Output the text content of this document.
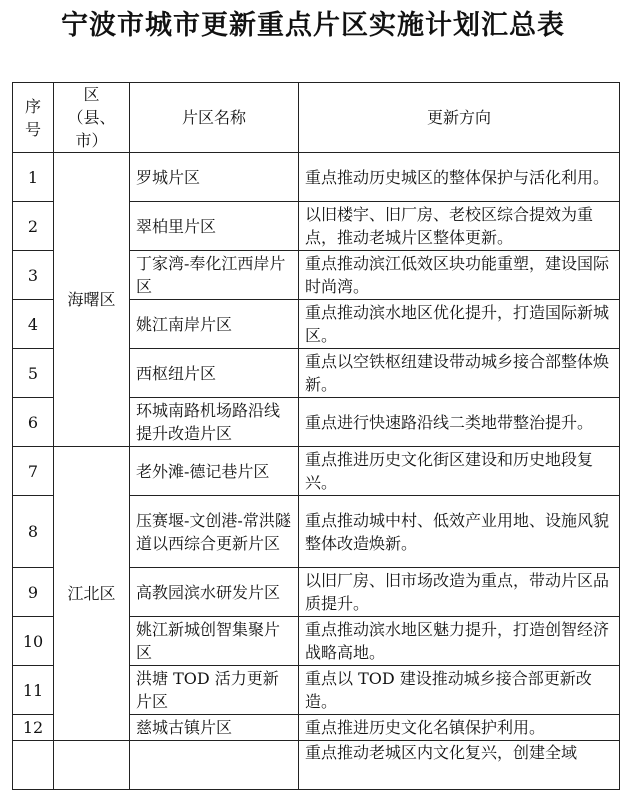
宁波市城市更新重点片区实施计划汇总表
序号	区（县、市）	片区名称	更新方向
1	海曙区	罗城片区	重点推动历史城区的整体保护与活化利用。
2		翠柏里片区	以旧楼宇、旧厂房、老校区综合提效为重点，推动老城片区整体更新。
3		丁家湾-奉化江西岸片区	重点推动滨江低效区块功能重塑，建设国际时尚湾。
4		姚江南岸片区	重点推动滨水地区优化提升，打造国际新城区。
5		西枢纽片区	重点以空铁枢纽建设带动城乡接合部整体焕新。
6		环城南路机场路沿线提升改造片区	重点进行快速路沿线二类地带整治提升。
7	江北区	老外滩-德记巷片区	重点推进历史文化街区建设和历史地段复兴。
8		压赛堰-文创港-常洪隧道以西综合更新片区	重点推动城中村、低效产业用地、设施风貌整体改造焕新。
9		高教园滨水研发片区	以旧厂房、旧市场改造为重点，带动片区品质提升。
10		姚江新城创智集聚片区	重点推动滨水地区魅力提升，打造创智经济战略高地。
11		洪塘 TOD 活力更新片区	重点以 TOD 建设推动城乡接合部更新改造。
12		慈城古镇片区	重点推进历史文化名镇保护利用。
			重点推动老城区内文化复兴，创建全域
